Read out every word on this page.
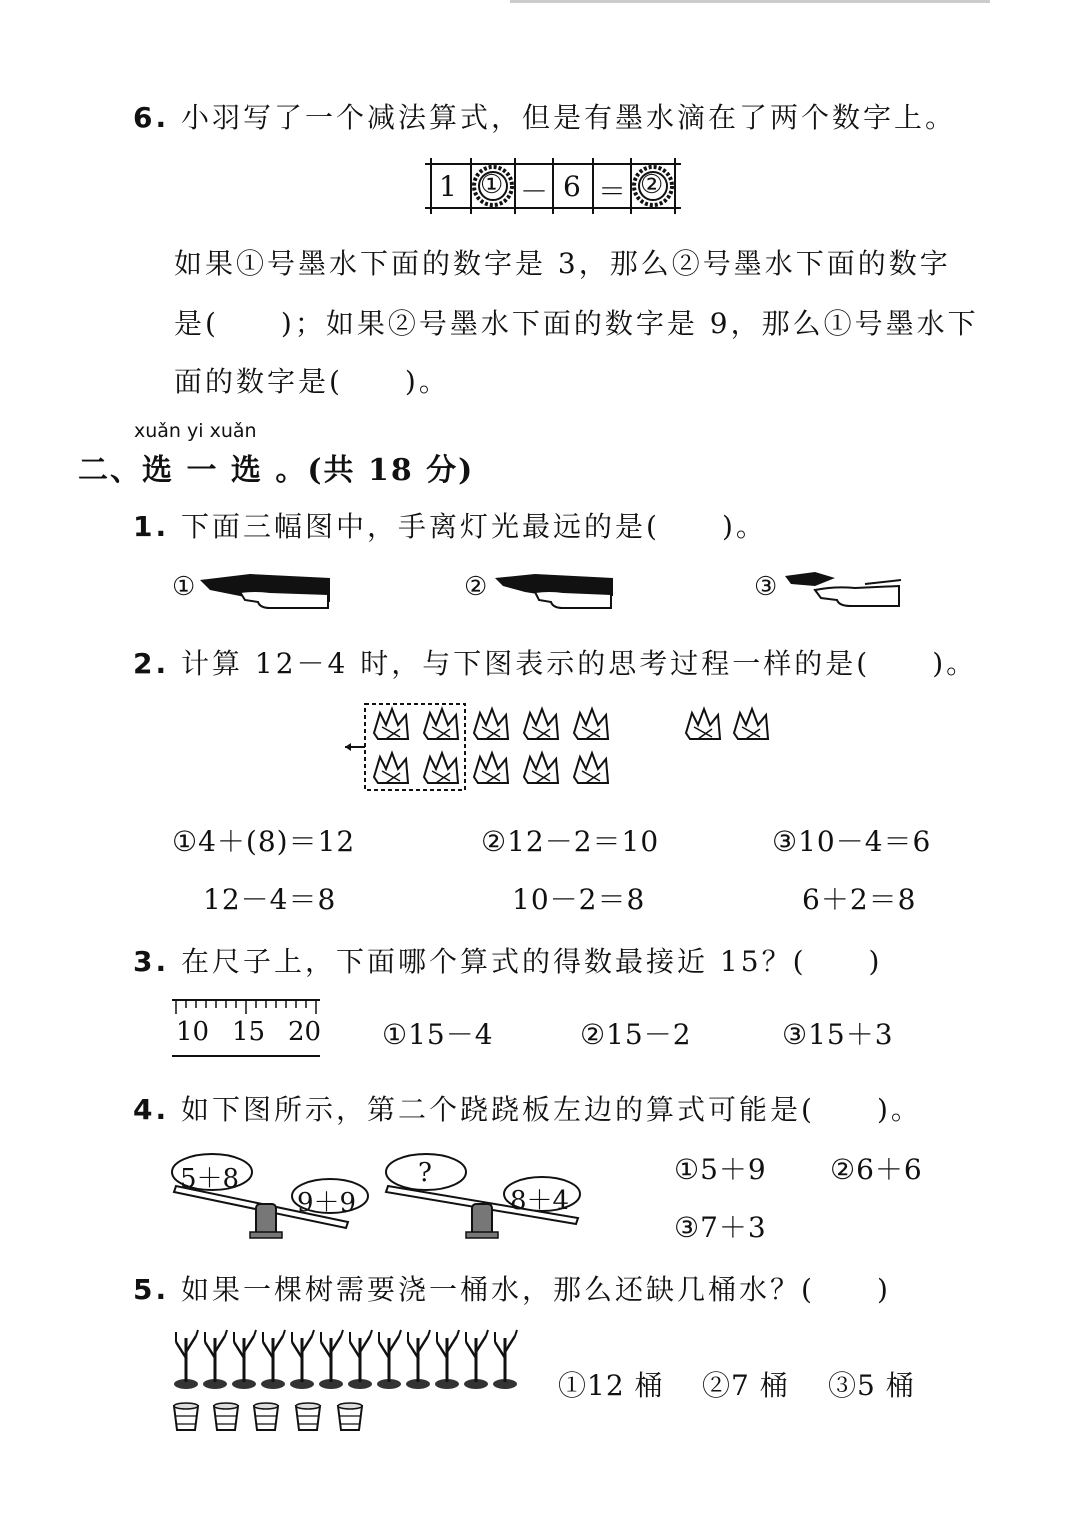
6. 小羽写了一个减法算式，但是有墨水滴在了两个数字上。
1 ① － 6 ＝ ②
如果①号墨水下面的数字是 3，那么②号墨水下面的数字
是(　　)；如果②号墨水下面的数字是 9，那么①号墨水下
面的数字是(　　)。
xuǎn yi xuǎn
二、选 一 选 。(共 18 分)
1. 下面三幅图中，手离灯光最远的是(　　)。
①	②	③
2. 计算 12－4 时，与下图表示的思考过程一样的是(　　)。
①4＋(8)＝12
12－4＝8
②12－2＝10
10－2＝8
③10－4＝6
6＋2＝8
3. 在尺子上，下面哪个算式的得数最接近 15？(　　)
10 15 20 ①15－4	②15－2	③15＋3
4. 如下图所示，第二个跷跷板左边的算式可能是(　　)。
5＋8
9＋9
?
8＋4
①5＋9 ②6＋6
③7＋3
5. 如果一棵树需要浇一桶水，那么还缺几桶水？(　　)
①12 桶 ②7 桶 ③5 桶
